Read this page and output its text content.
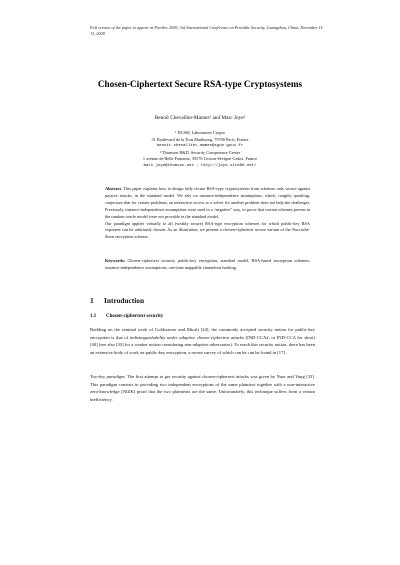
Full version of the paper to appear at ProvSec 2009, 3rd International Conference on Provable Security, Guangzhou, China, November 11-13, 2009.
Chosen-Ciphertext Secure RSA-type Cryptosystems
Benoît Chevallier-Mames¹ and Marc Joye²
¹ DCSSI, Laboratoire Crypto
51 Boulevard de la Tour Maubourg, 75700 Paris, France
benoit.chevallier-mames@sgdn.gouv.fr
² Thomson R&D, Security Competence Center
1 avenue de Belle Fontaine, 35576 Cesson-Sévigné Cedex, France
marc.joye@thomson.net - http://joye.site88.net/
Abstract. This paper explains how to design fully secure RSA-type cryptosystems from schemes only secure against passive attacks, in the standard model. We rely on instance-independence assumptions, which, roughly speaking, conjecture that for certain problems, an interactive access to a solver for another problem does not help the challenger. Previously, instance-independence assumptions were used in a “negative” way, to prove that certain schemes proven in the random oracle model were not provable in the standard model.
Our paradigm applies virtually to all (weakly secure) RSA-type encryption schemes for which public-key RSA exponent can be arbitrarily chosen. As an illustration, we present a chosen-ciphertext secure variant of the Naccache-Stern encryption scheme.
Keywords: Chosen-ciphertext security, public-key encryption, standard model, RSA-based encryption schemes, instance-independence assumptions, one-time mappable chameleon hashing.
1 Introduction
1.1 Chosen-ciphertext security
Building on the seminal work of Goldwasser and Micali [24], the commonly accepted security notion for public-key encryption is that of indistinguishability under adaptive chosen-ciphertext attacks (IND-CCA2, or IND-CCA for short) [40] (see also [33] for a weaker notion considering non-adaptive adversaries). To reach this security notion, there has been an extensive body of work on public-key encryption, a recent survey of which can be can be found in [17].
Two-key paradigm. The first attempt to get security against chosen-ciphertext attacks was given by Naor and Yung [33]. This paradigm consists in providing two independent encryptions of the same plaintext together with a non-interactive zero-knowledge (NIZK) proof that the two plaintexts are the same. Unfortunately, this technique suffers from a certain inefficiency.
